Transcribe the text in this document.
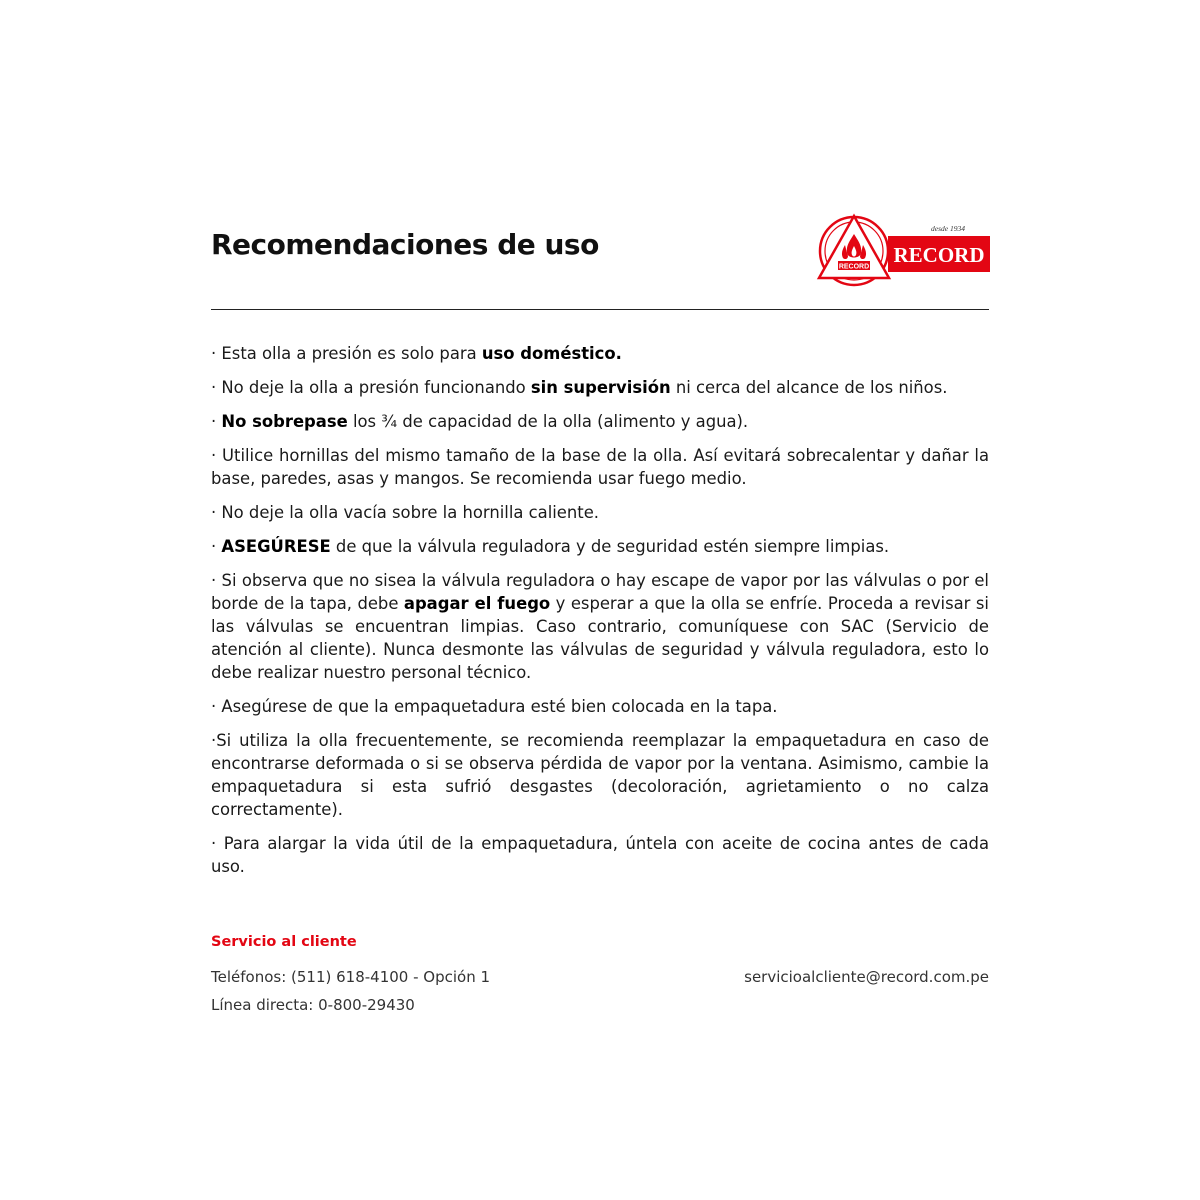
Recomendaciones de uso
RECORD
desde 1934
RECORD

· Esta olla a presión es solo para uso doméstico.

· No deje la olla a presión funcionando sin supervisión ni cerca del alcance de los niños.

· No sobrepase los ¾ de capacidad de la olla (alimento y agua).

· Utilice hornillas del mismo tamaño de la base de la olla. Así evitará sobrecalentar y dañar la base, paredes, asas y mangos. Se recomienda usar fuego medio.

· No deje la olla vacía sobre la hornilla caliente.

· ASEGÚRESE de que la válvula reguladora y de seguridad estén siempre limpias.

· Si observa que no sisea la válvula reguladora o hay escape de vapor por las válvulas o por el borde de la tapa, debe apagar el fuego y esperar a que la olla se enfríe. Proceda a revisar si las válvulas se encuentran limpias. Caso contrario, comuníquese con SAC (Servicio de atención al cliente). Nunca desmonte las válvulas de seguridad y válvula reguladora, esto lo debe realizar nuestro personal técnico.

· Asegúrese de que la empaquetadura esté bien colocada en la tapa.

·Si utiliza la olla frecuentemente, se recomienda reemplazar la empaquetadura en caso de encontrarse deformada o si se observa pérdida de vapor por la ventana. Asimismo, cambie la empaquetadura si esta sufrió desgastes (decoloración, agrietamiento o no calza correctamente).

· Para alargar la vida útil de la empaquetadura, úntela con aceite de cocina antes de cada uso.

Servicio al cliente
Teléfonos: (511) 618-4100 - Opción 1
Línea directa: 0-800-29430
servicioalcliente@record.com.pe
